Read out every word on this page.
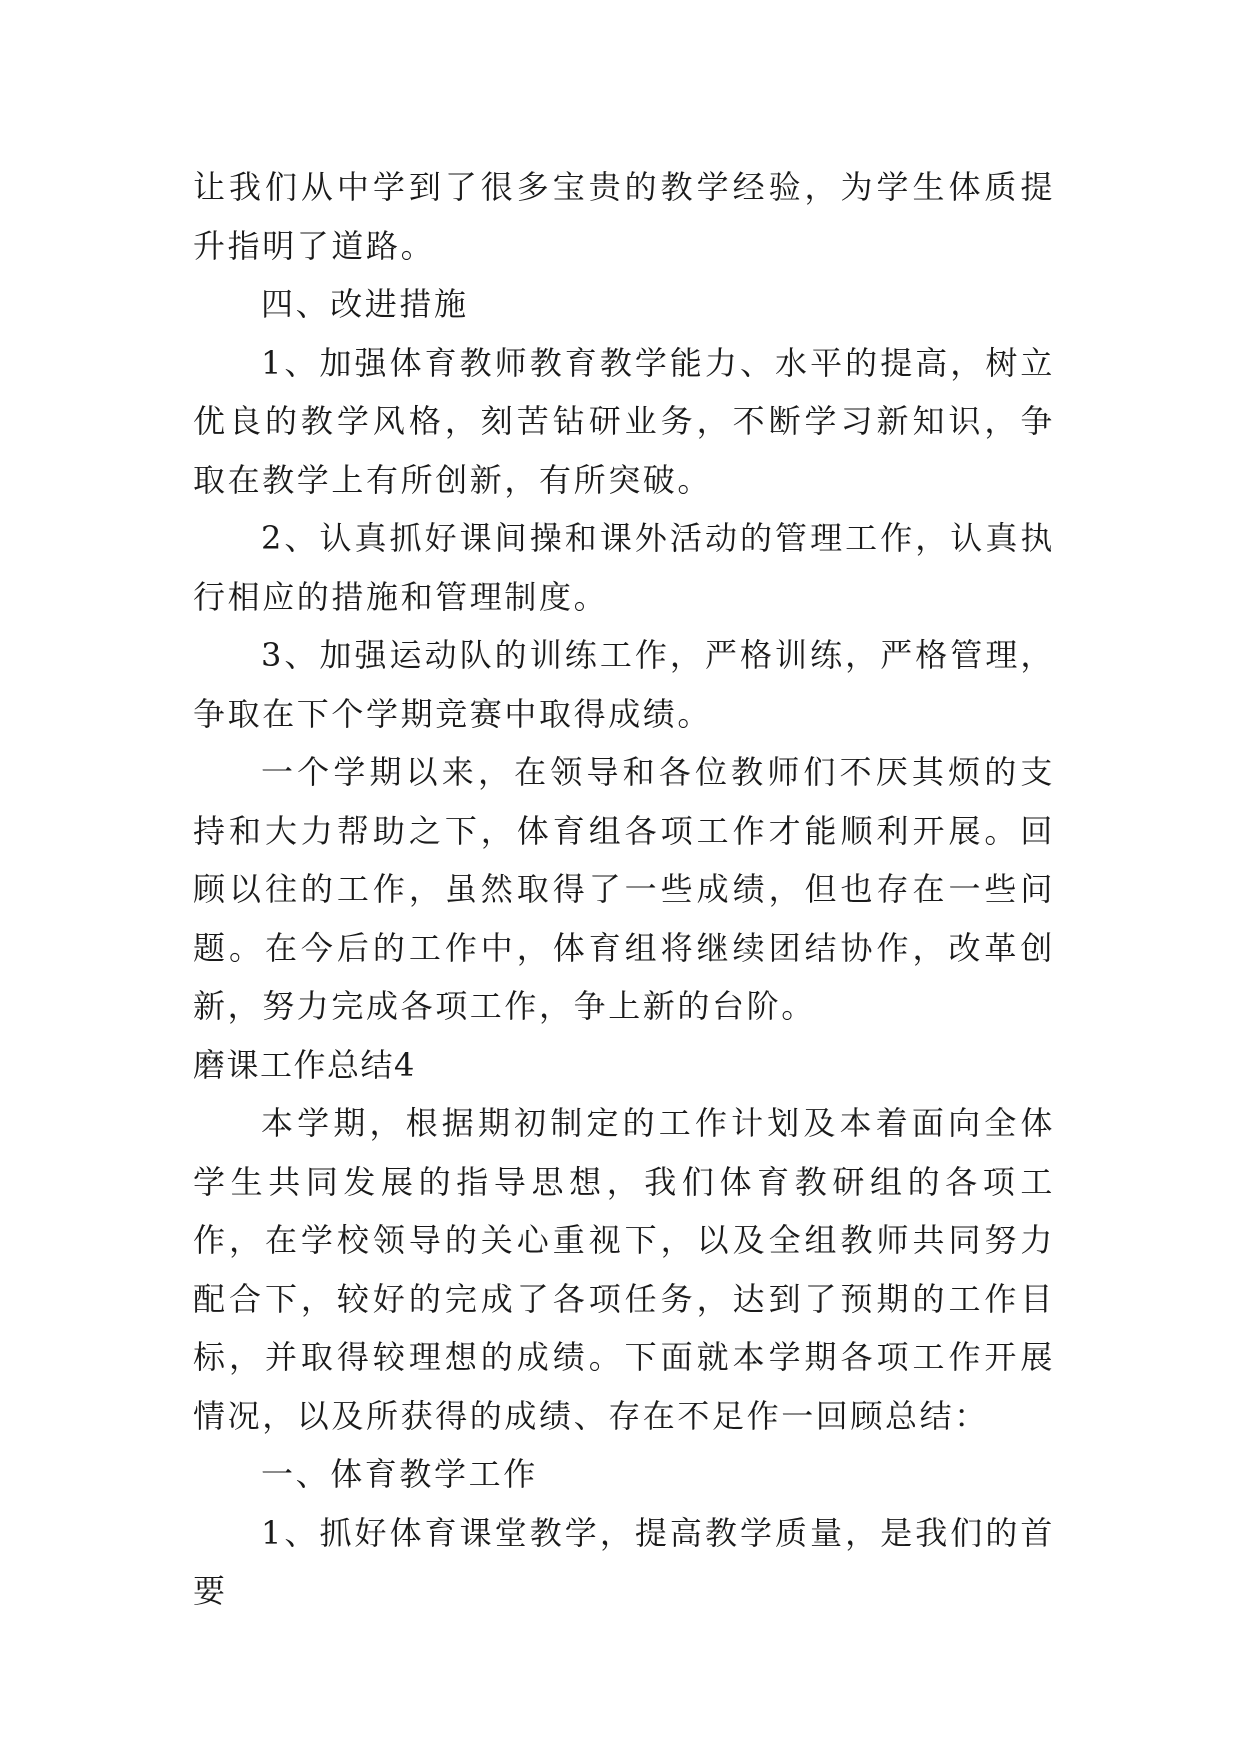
让我们从中学到了很多宝贵的教学经验，为学生体质提升指明了道路。

四、改进措施

1、加强体育教师教育教学能力、水平的提高，树立优良的教学风格，刻苦钻研业务，不断学习新知识，争取在教学上有所创新，有所突破。

2、认真抓好课间操和课外活动的管理工作，认真执行相应的措施和管理制度。

3、加强运动队的训练工作，严格训练，严格管理，争取在下个学期竞赛中取得成绩。

一个学期以来，在领导和各位教师们不厌其烦的支持和大力帮助之下，体育组各项工作才能顺利开展。回顾以往的工作，虽然取得了一些成绩，但也存在一些问题。在今后的工作中，体育组将继续团结协作，改革创新，努力完成各项工作，争上新的台阶。

磨课工作总结4

本学期，根据期初制定的工作计划及本着面向全体学生共同发展的指导思想，我们体育教研组的各项工作，在学校领导的关心重视下，以及全组教师共同努力配合下，较好的完成了各项任务，达到了预期的工作目标，并取得较理想的成绩。下面就本学期各项工作开展情况，以及所获得的成绩、存在不足作一回顾总结：

一、体育教学工作

1、抓好体育课堂教学，提高教学质量，是我们的首要
